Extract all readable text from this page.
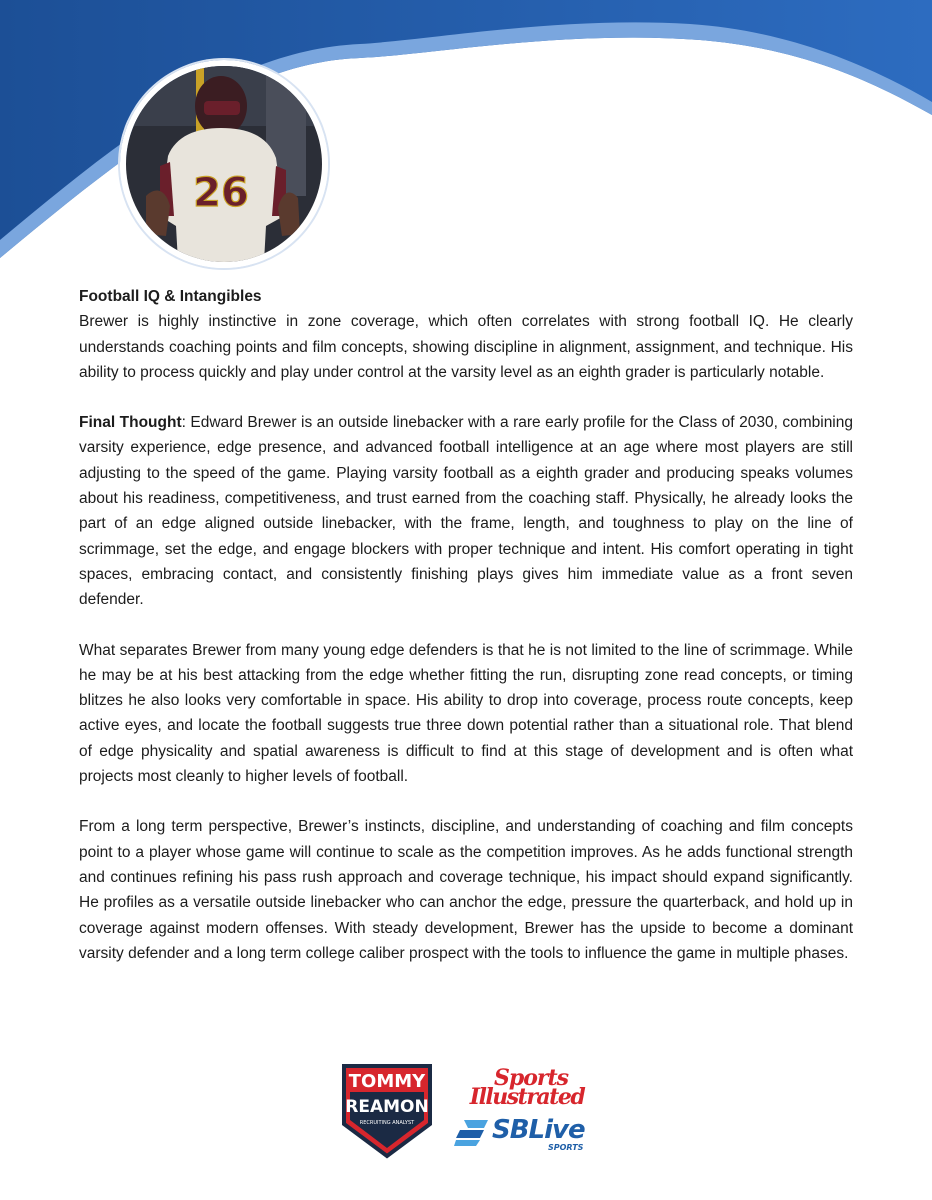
26

Football IQ & Intangibles
Brewer is highly instinctive in zone coverage, which often correlates with strong football IQ. He clearly understands coaching points and film concepts, showing discipline in alignment, assignment, and technique. His ability to process quickly and play under control at the varsity level as an eighth grader is particularly notable.

Final Thought: Edward Brewer is an outside linebacker with a rare early profile for the Class of 2030, combining varsity experience, edge presence, and advanced football intelligence at an age where most players are still adjusting to the speed of the game. Playing varsity football as a eighth grader and producing speaks volumes about his readiness, competitiveness, and trust earned from the coaching staff. Physically, he already looks the part of an edge aligned outside linebacker, with the frame, length, and toughness to play on the line of scrimmage, set the edge, and engage blockers with proper technique and intent. His comfort operating in tight spaces, embracing contact, and consistently finishing plays gives him immediate value as a front seven defender.

What separates Brewer from many young edge defenders is that he is not limited to the line of scrimmage. While he may be at his best attacking from the edge whether fitting the run, disrupting zone read concepts, or timing blitzes he also looks very comfortable in space. His ability to drop into coverage, process route concepts, keep active eyes, and locate the football suggests true three down potential rather than a situational role. That blend of edge physicality and spatial awareness is difficult to find at this stage of development and is often what projects most cleanly to higher levels of football.

From a long term perspective, Brewer’s instincts, discipline, and understanding of coaching and film concepts point to a player whose game will continue to scale as the competition improves. As he adds functional strength and continues refining his pass rush approach and coverage technique, his impact should expand significantly. He profiles as a versatile outside linebacker who can anchor the edge, pressure the quarterback, and hold up in coverage against modern offenses. With steady development, Brewer has the upside to become a dominant varsity defender and a long term college caliber prospect with the tools to influence the game in multiple phases.

TOMMY
REAMON
RECRUITING ANALYST
Sports
Illustrated
SBLive
SPORTS
